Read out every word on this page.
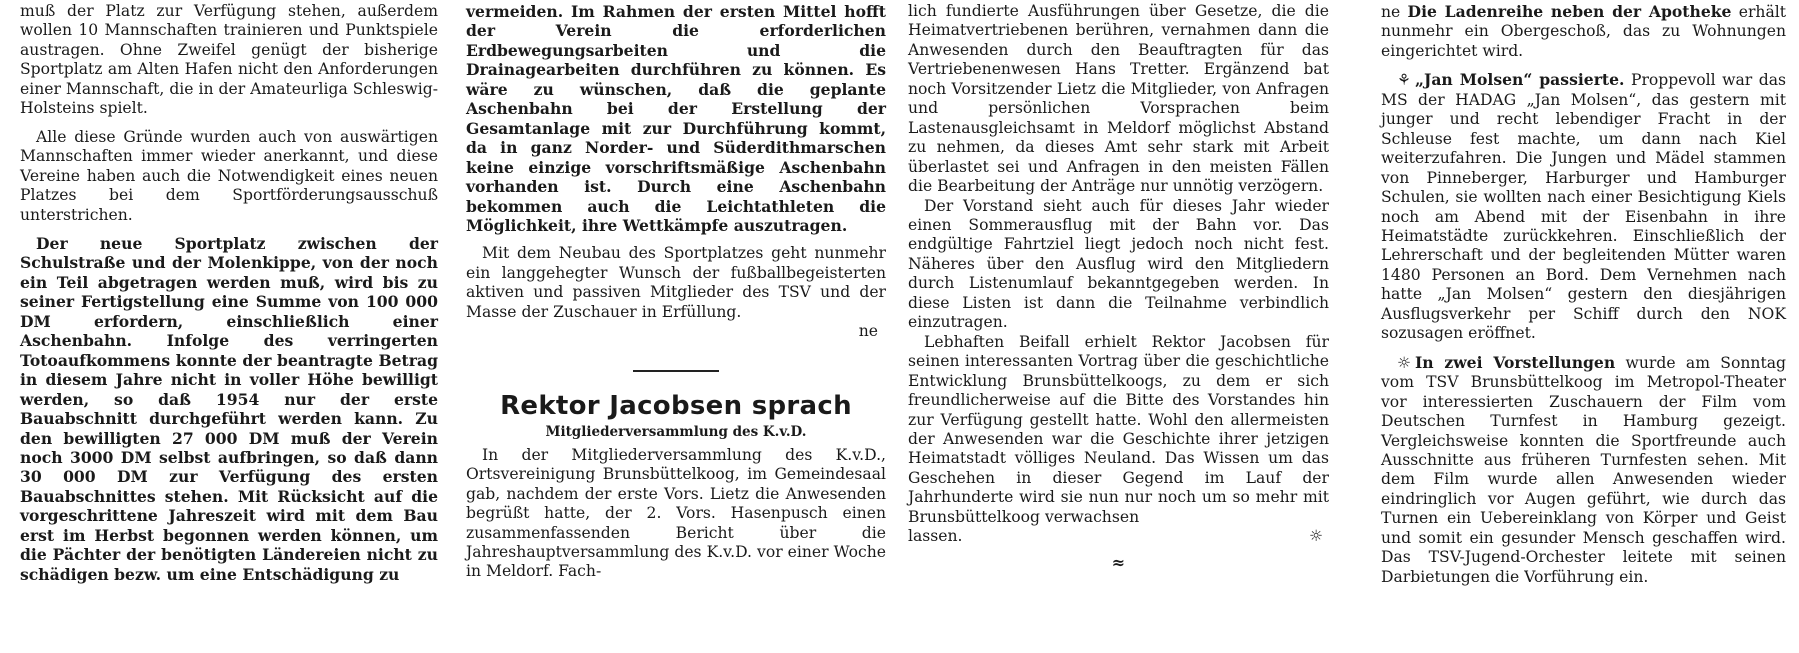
muß der Platz zur Verfügung stehen, außerdem wollen 10 Mannschaften trainieren und Punktspiele austragen. Ohne Zweifel genügt der bisherige Sportplatz am Alten Hafen nicht den Anforderungen einer Mannschaft, die in der Amateurliga Schleswig-Holsteins spielt.

Alle diese Gründe wurden auch von auswärtigen Mannschaften immer wieder anerkannt, und diese Vereine haben auch die Notwendigkeit eines neuen Platzes bei dem Sportförderungsausschuß unterstrichen.

Der neue Sportplatz zwischen der Schulstraße und der Molenkippe, von der noch ein Teil abgetragen werden muß, wird bis zu seiner Fertigstellung eine Summe von 100 000 DM erfordern, einschließlich einer Aschenbahn. Infolge des verringerten Totoaufkommens konnte der beantragte Betrag in diesem Jahre nicht in voller Höhe bewilligt werden, so daß 1954 nur der erste Bauabschnitt durchgeführt werden kann. Zu den bewilligten 27 000 DM muß der Verein noch 3000 DM selbst aufbringen, so daß dann 30 000 DM zur Verfügung des ersten Bauabschnittes stehen. Mit Rücksicht auf die vorgeschrittene Jahreszeit wird mit dem Bau erst im Herbst begonnen werden können, um die Pächter der benötigten Ländereien nicht zu schädigen bezw. um eine Entschädigung zu

vermeiden. Im Rahmen der ersten Mittel hofft der Verein die erforderlichen Erdbewegungsarbeiten und die Drainagearbeiten durchführen zu können. Es wäre zu wünschen, daß die geplante Aschenbahn bei der Erstellung der Gesamtanlage mit zur Durchführung kommt, da in ganz Norder- und Süderdithmarschen keine einzige vorschriftsmäßige Aschenbahn vorhanden ist. Durch eine Aschenbahn bekommen auch die Leichtathleten die Möglichkeit, ihre Wettkämpfe auszutragen.

Mit dem Neubau des Sportplatzes geht nunmehr ein langgehegter Wunsch der fußballbegeisterten aktiven und passiven Mitglieder des TSV und der Masse der Zuschauer in Erfüllung.

ne

Rektor Jacobsen sprach
Mitgliederversammlung des K.v.D.

In der Mitgliederversammlung des K.v.D., Ortsvereinigung Brunsbüttelkoog, im Gemeindesaal gab, nachdem der erste Vors. Lietz die Anwesenden begrüßt hatte, der 2. Vors. Hasenpusch einen zusammenfassenden Bericht über die Jahreshauptversammlung des K.v.D. vor einer Woche in Meldorf. Fach-

lich fundierte Ausführungen über Gesetze, die die Heimatvertriebenen berühren, vernahmen dann die Anwesenden durch den Beauftragten für das Vertriebenenwesen Hans Tretter. Ergänzend bat noch Vorsitzender Lietz die Mitglieder, von Anfragen und persönlichen Vorsprachen beim Lastenausgleichsamt in Meldorf möglichst Abstand zu nehmen, da dieses Amt sehr stark mit Arbeit überlastet sei und Anfragen in den meisten Fällen die Bearbeitung der Anträge nur unnötig verzögern.

Der Vorstand sieht auch für dieses Jahr wieder einen Sommerausflug mit der Bahn vor. Das endgültige Fahrtziel liegt jedoch noch nicht fest. Näheres über den Ausflug wird den Mitgliedern durch Listenumlauf bekanntgegeben werden. In diese Listen ist dann die Teilnahme verbindlich einzutragen.

Lebhaften Beifall erhielt Rektor Jacobsen für seinen interessanten Vortrag über die geschichtliche Entwicklung Brunsbüttelkoogs, zu dem er sich freundlicherweise auf die Bitte des Vorstandes hin zur Verfügung gestellt hatte. Wohl den allermeisten der Anwesenden war die Geschichte ihrer jetzigen Heimatstadt völliges Neuland. Das Wissen um das Geschehen in dieser Gegend im Lauf der Jahrhunderte wird sie nun nur noch um so mehr mit Brunsbüttelkoog verwachsen

lassen.	☼

≈

ne Die Ladenreihe neben der Apotheke erhält nunmehr ein Obergeschoß, das zu Wohnungen eingerichtet wird.

⚘ „Jan Molsen“ passierte. Proppevoll war das MS der HADAG „Jan Molsen“, das gestern mit junger und recht lebendiger Fracht in der Schleuse fest machte, um dann nach Kiel weiterzufahren. Die Jungen und Mädel stammen von Pinneberger, Harburger und Hamburger Schulen, sie wollten nach einer Besichtigung Kiels noch am Abend mit der Eisenbahn in ihre Heimatstädte zurückkehren. Einschließlich der Lehrerschaft und der begleitenden Mütter waren 1480 Personen an Bord. Dem Vernehmen nach hatte „Jan Molsen“ gestern den diesjährigen Ausflugsverkehr per Schiff durch den NOK sozusagen eröffnet.

☼ In zwei Vorstellungen wurde am Sonntag vom TSV Brunsbüttelkoog im Metropol-Theater vor interessierten Zuschauern der Film vom Deutschen Turnfest in Hamburg gezeigt. Vergleichsweise konnten die Sportfreunde auch Ausschnitte aus früheren Turnfesten sehen. Mit dem Film wurde allen Anwesenden wieder eindringlich vor Augen geführt, wie durch das Turnen ein Uebereinklang von Körper und Geist und somit ein gesunder Mensch geschaffen wird. Das TSV-Jugend-Orchester leitete mit seinen Darbietungen die Vorführung ein.
